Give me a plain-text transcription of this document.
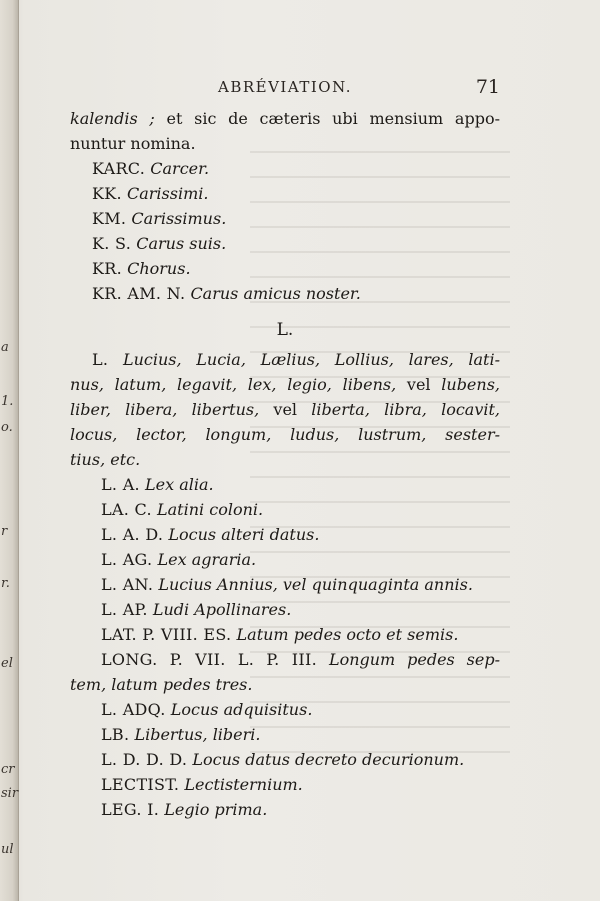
a
1.
o.
r
r.
el
cr
sir
ul
ABRÉVIATION.	71
kalendis ; et sic de cæteris ubi mensium appo-
nuntur nomina.
KARC. Carcer.
KK. Carissimi.
KM. Carissimus.
K. S. Carus suis.
KR. Chorus.
KR. AM. N. Carus amicus noster.
L.
L. Lucius, Lucia, Lælius, Lollius, lares, lati-
nus, latum, legavit, lex, legio, libens, vel lubens,
liber, libera, libertus, vel liberta, libra, locavit,
locus, lector, longum, ludus, lustrum, sester-
tius, etc.
L. A. Lex alia.
LA. C. Latini coloni.
L. A. D. Locus alteri datus.
L. AG. Lex agraria.
L. AN. Lucius Annius, vel quinquaginta annis.
L. AP. Ludi Apollinares.
LAT. P. VIII. ES. Latum pedes octo et semis.
LONG. P. VII. L. P. III. Longum pedes sep-
tem, latum pedes tres.
L. ADQ. Locus adquisitus.
LB. Libertus, liberi.
L. D. D. D. Locus datus decreto decurionum.
LECTIST. Lectisternium.
LEG. I. Legio prima.
